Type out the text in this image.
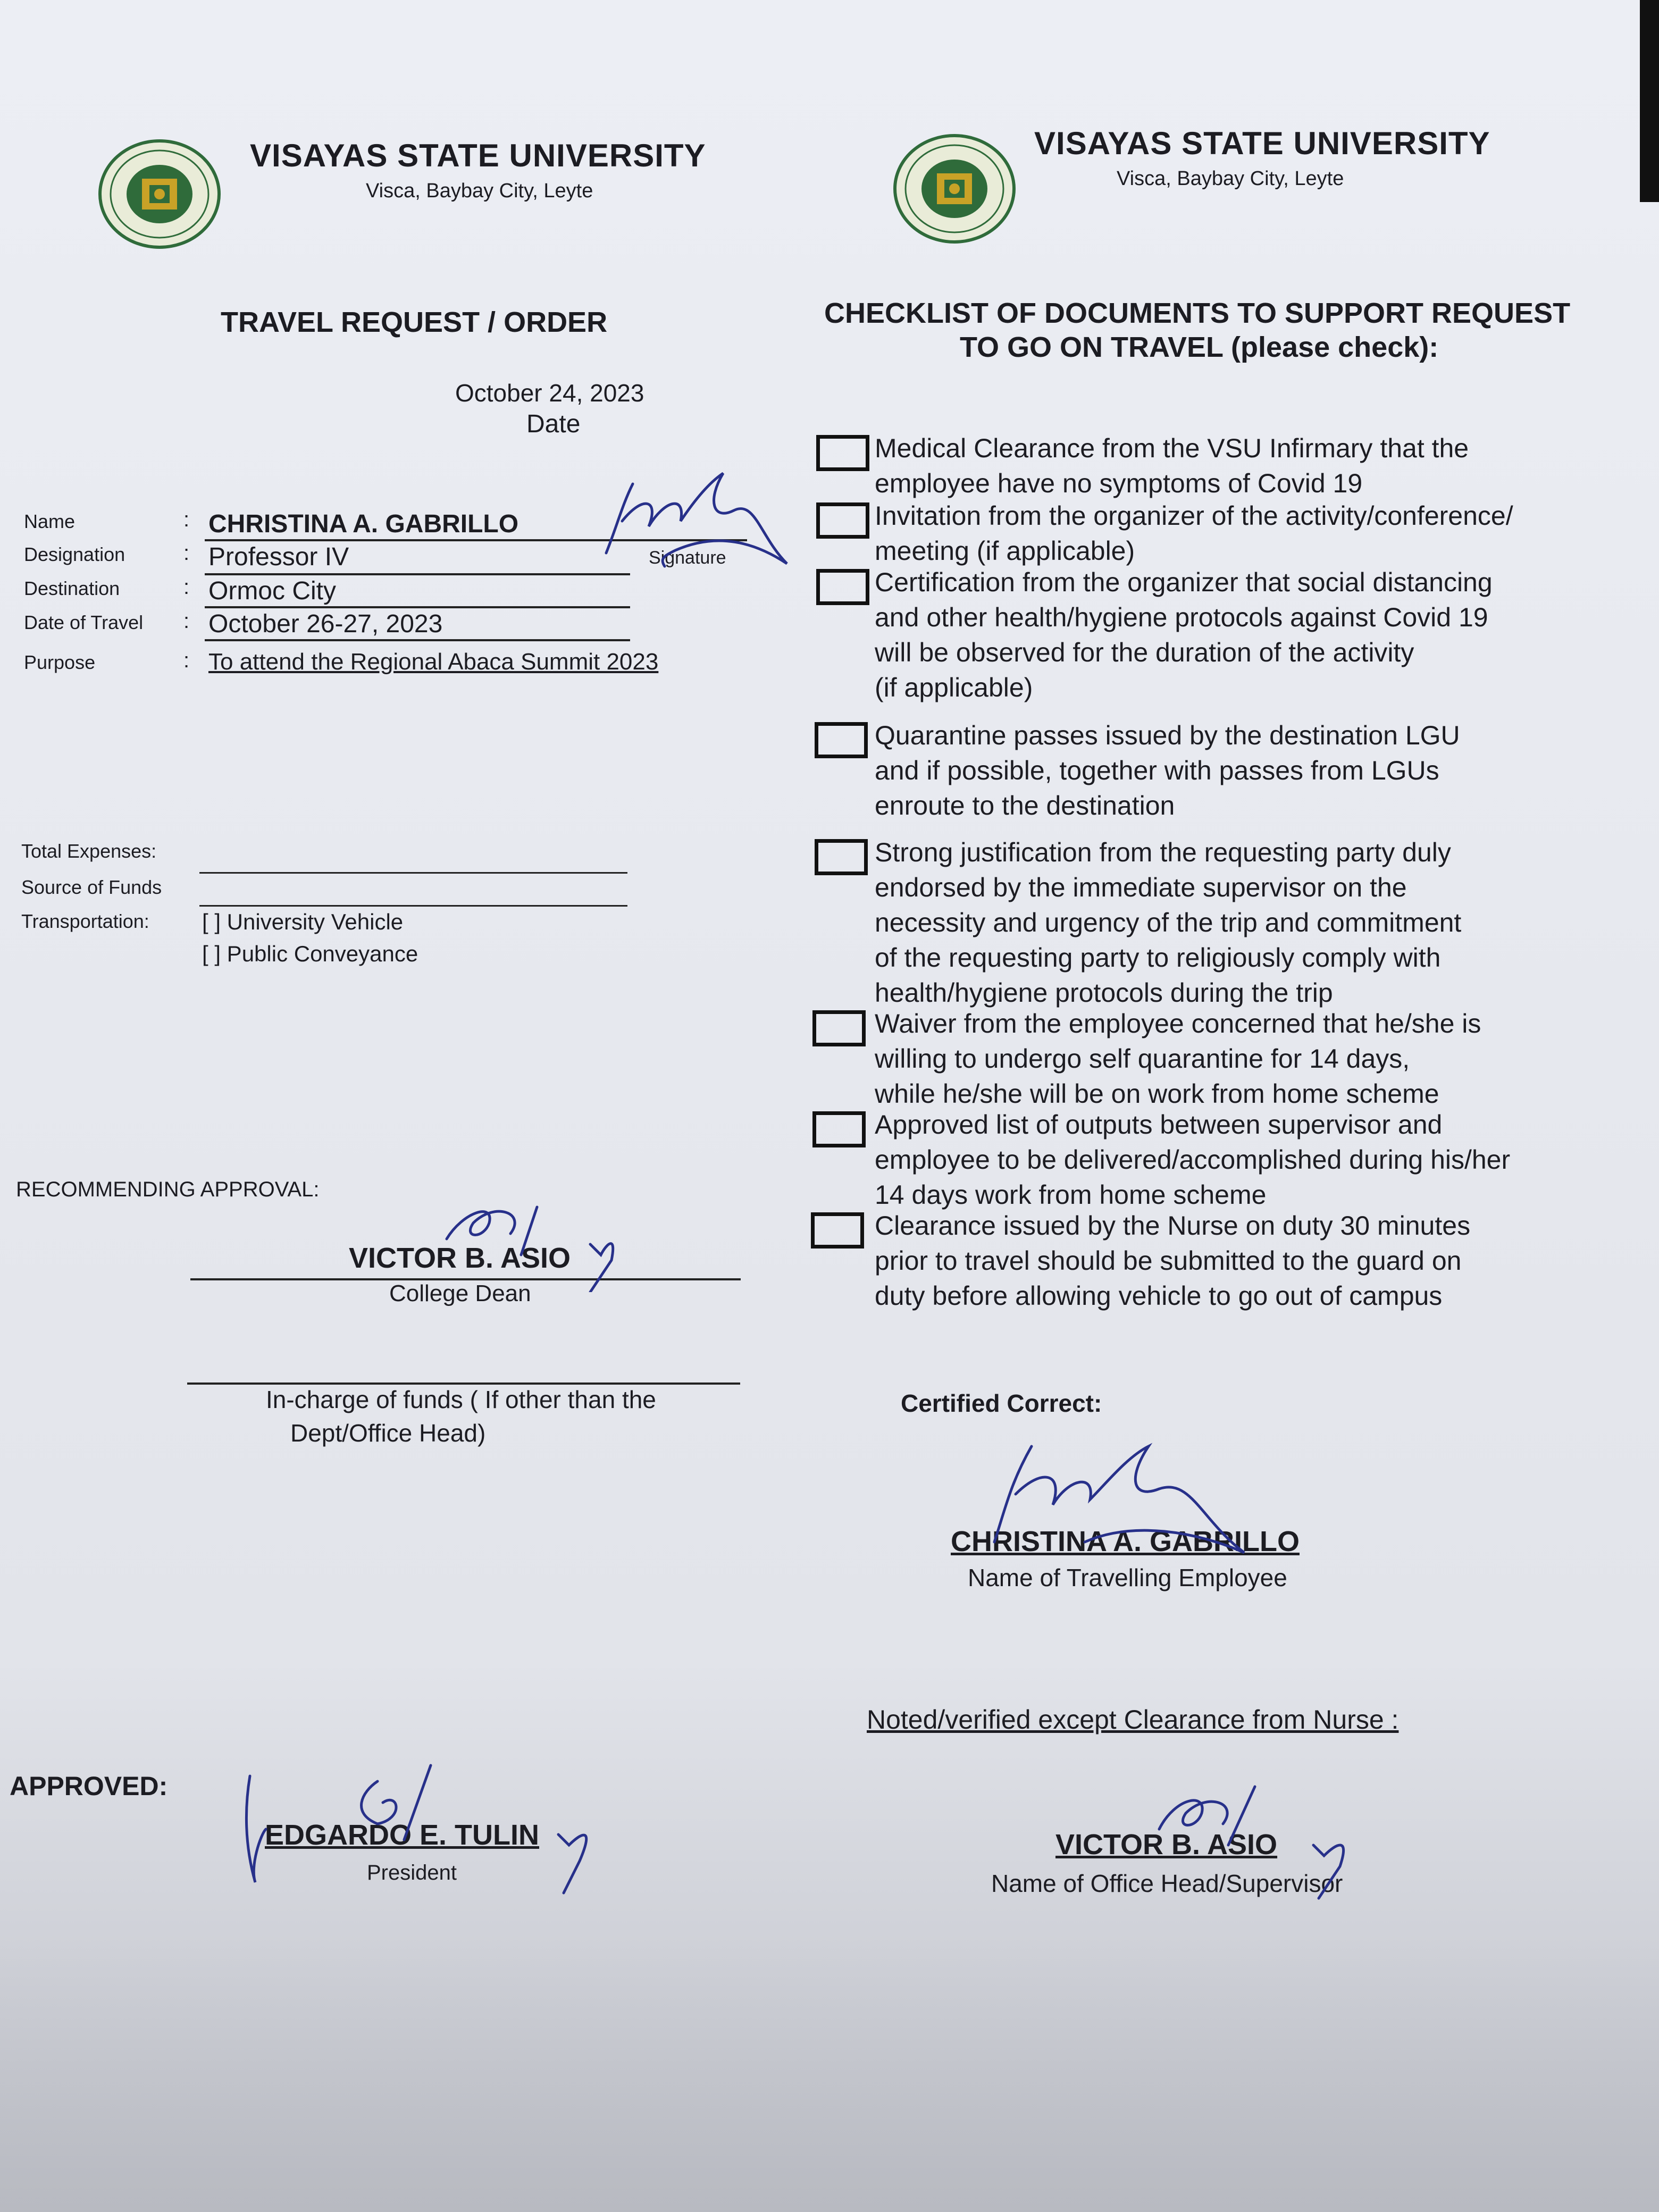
VISAYAS STATE UNIVERSITY
Visca, Baybay City, Leyte
TRAVEL REQUEST / ORDER
October 24, 2023
Date
Name	: CHRISTINA A. GABRILLO
Signature
Designation	: Professor IV
Destination	: Ormoc City
Date of Travel : October 26-27, 2023
Purpose	: To attend the Regional Abaca Summit 2023
Total Expenses:
Source of Funds
Transportation: [ ] University Vehicle
[ ] Public Conveyance
RECOMMENDING APPROVAL:
VICTOR B. ASIO
College Dean
In-charge of funds ( If other than the
Dept/Office Head)
APPROVED:
EDGARDO E. TULIN
President
VISAYAS STATE UNIVERSITY
Visca, Baybay City, Leyte
CHECKLIST OF DOCUMENTS TO SUPPORT REQUEST
TO GO ON TRAVEL (please check):
Medical Clearance from the VSU Infirmary that the
employee have no symptoms of Covid 19
Invitation from the organizer of the activity/conference/
meeting (if applicable)
Certification from the organizer that social distancing
and other health/hygiene protocols against Covid 19
will be observed for the duration of the activity
(if applicable)
Quarantine passes issued by the destination LGU
and if possible, together with passes from LGUs
enroute to the destination
Strong justification from the requesting party duly
endorsed by the immediate supervisor on the
necessity and urgency of the trip and commitment
of the requesting party to religiously comply with
health/hygiene protocols during the trip
Waiver from the employee concerned that he/she is
willing to undergo self quarantine for 14 days,
while he/she will be on work from home scheme
Approved list of outputs between supervisor and
employee to be delivered/accomplished during his/her
14 days work from home scheme
Clearance issued by the Nurse on duty 30 minutes
prior to travel should be submitted to the guard on
duty before allowing vehicle to go out of campus
Certified Correct:
CHRISTINA A. GABRILLO
Name of Travelling Employee
Noted/verified except Clearance from Nurse :
VICTOR B. ASIO
Name of Office Head/Supervisor
